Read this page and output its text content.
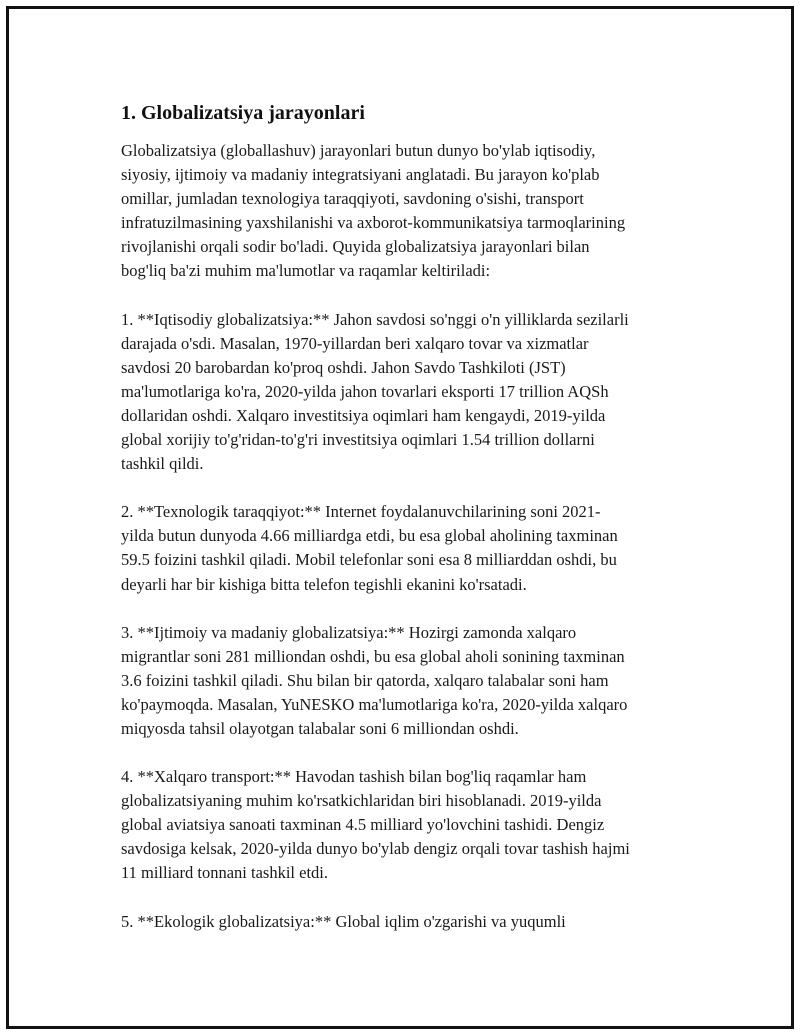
1. Globalizatsiya jarayonlari
Globalizatsiya (globallashuv) jarayonlari butun dunyo bo'ylab iqtisodiy,
siyosiy, ijtimoiy va madaniy integratsiyani anglatadi. Bu jarayon ko'plab
omillar, jumladan texnologiya taraqqiyoti, savdoning o'sishi, transport
infratuzilmasining yaxshilanishi va axborot-kommunikatsiya tarmoqlarining
rivojlanishi orqali sodir bo'ladi. Quyida globalizatsiya jarayonlari bilan
bog'liq ba'zi muhim ma'lumotlar va raqamlar keltiriladi:
1. **Iqtisodiy globalizatsiya:** Jahon savdosi so'nggi o'n yilliklarda sezilarli
darajada o'sdi. Masalan, 1970-yillardan beri xalqaro tovar va xizmatlar
savdosi 20 barobardan ko'proq oshdi. Jahon Savdo Tashkiloti (JST)
ma'lumotlariga ko'ra, 2020-yilda jahon tovarlari eksporti 17 trillion AQSh
dollaridan oshdi. Xalqaro investitsiya oqimlari ham kengaydi, 2019-yilda
global xorijiy to'g'ridan-to'g'ri investitsiya oqimlari 1.54 trillion dollarni
tashkil qildi.
2. **Texnologik taraqqiyot:** Internet foydalanuvchilarining soni 2021-
yilda butun dunyoda 4.66 milliardga etdi, bu esa global aholining taxminan
59.5 foizini tashkil qiladi. Mobil telefonlar soni esa 8 milliarddan oshdi, bu
deyarli har bir kishiga bitta telefon tegishli ekanini ko'rsatadi.
3. **Ijtimoiy va madaniy globalizatsiya:** Hozirgi zamonda xalqaro
migrantlar soni 281 milliondan oshdi, bu esa global aholi sonining taxminan
3.6 foizini tashkil qiladi. Shu bilan bir qatorda, xalqaro talabalar soni ham
ko'paymoqda. Masalan, YuNESKO ma'lumotlariga ko'ra, 2020-yilda xalqaro
miqyosda tahsil olayotgan talabalar soni 6 milliondan oshdi.
4. **Xalqaro transport:** Havodan tashish bilan bog'liq raqamlar ham
globalizatsiyaning muhim ko'rsatkichlaridan biri hisoblanadi. 2019-yilda
global aviatsiya sanoati taxminan 4.5 milliard yo'lovchini tashidi. Dengiz
savdosiga kelsak, 2020-yilda dunyo bo'ylab dengiz orqali tovar tashish hajmi
11 milliard tonnani tashkil etdi.
5. **Ekologik globalizatsiya:** Global iqlim o'zgarishi va yuqumli
